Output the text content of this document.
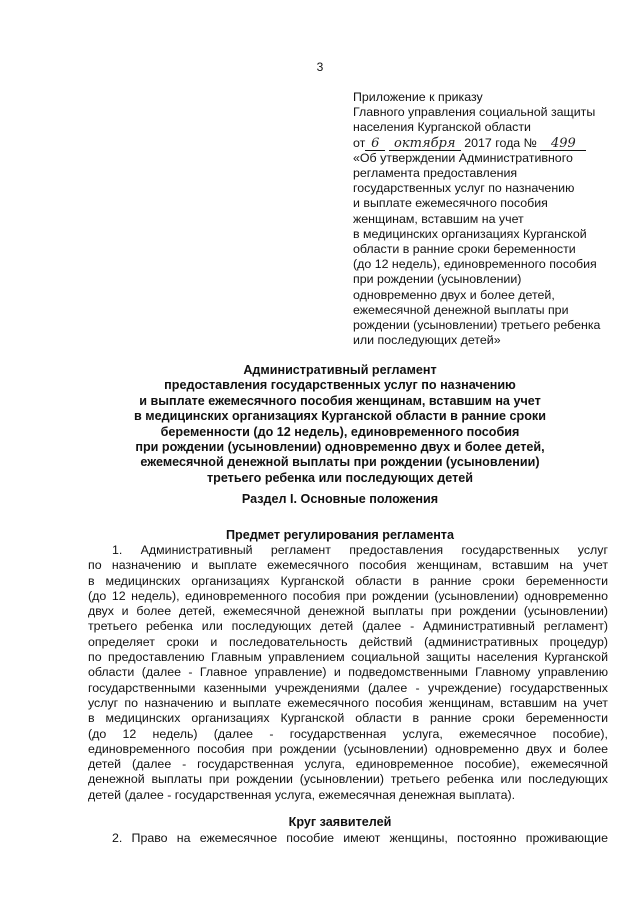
3
Приложение к приказу
Главного управления социальной защиты
населения Курганской области
от 6 октября 2017 года № 499
«Об утверждении Административного
регламента предоставления
государственных услуг по назначению
и выплате ежемесячного пособия
женщинам, вставшим на учет
в медицинских организациях Курганской
области в ранние сроки беременности
(до 12 недель), единовременного пособия
при рождении (усыновлении)
одновременно двух и более детей,
ежемесячной денежной выплаты при
рождении (усыновлении) третьего ребенка
или последующих детей»
Административный регламент
предоставления государственных услуг по назначению
и выплате ежемесячного пособия женщинам, вставшим на учет
в медицинских организациях Курганской области в ранние сроки
беременности (до 12 недель), единовременного пособия
при рождении (усыновлении) одновременно двух и более детей,
ежемесячной денежной выплаты при рождении (усыновлении)
третьего ребенка или последующих детей
Раздел I. Основные положения
Предмет регулирования регламента
1. Административный регламент предоставления государственных услуг
по назначению и выплате ежемесячного пособия женщинам, вставшим на учет
в медицинских организациях Курганской области в ранние сроки беременности
(до 12 недель), единовременного пособия при рождении (усыновлении) одновременно
двух и более детей, ежемесячной денежной выплаты при рождении (усыновлении)
третьего ребенка или последующих детей (далее - Административный регламент)
определяет сроки и последовательность действий (административных процедур)
по предоставлению Главным управлением социальной защиты населения Курганской
области (далее - Главное управление) и подведомственными Главному управлению
государственными казенными учреждениями (далее - учреждение) государственных
услуг по назначению и выплате ежемесячного пособия женщинам, вставшим на учет
в медицинских организациях Курганской области в ранние сроки беременности
(до 12 недель) (далее - государственная услуга, ежемесячное пособие),
единовременного пособия при рождении (усыновлении) одновременно двух и более
детей (далее - государственная услуга, единовременное пособие), ежемесячной
денежной выплаты при рождении (усыновлении) третьего ребенка или последующих
детей (далее - государственная услуга, ежемесячная денежная выплата).
Круг заявителей
2. Право на ежемесячное пособие имеют женщины, постоянно проживающие
